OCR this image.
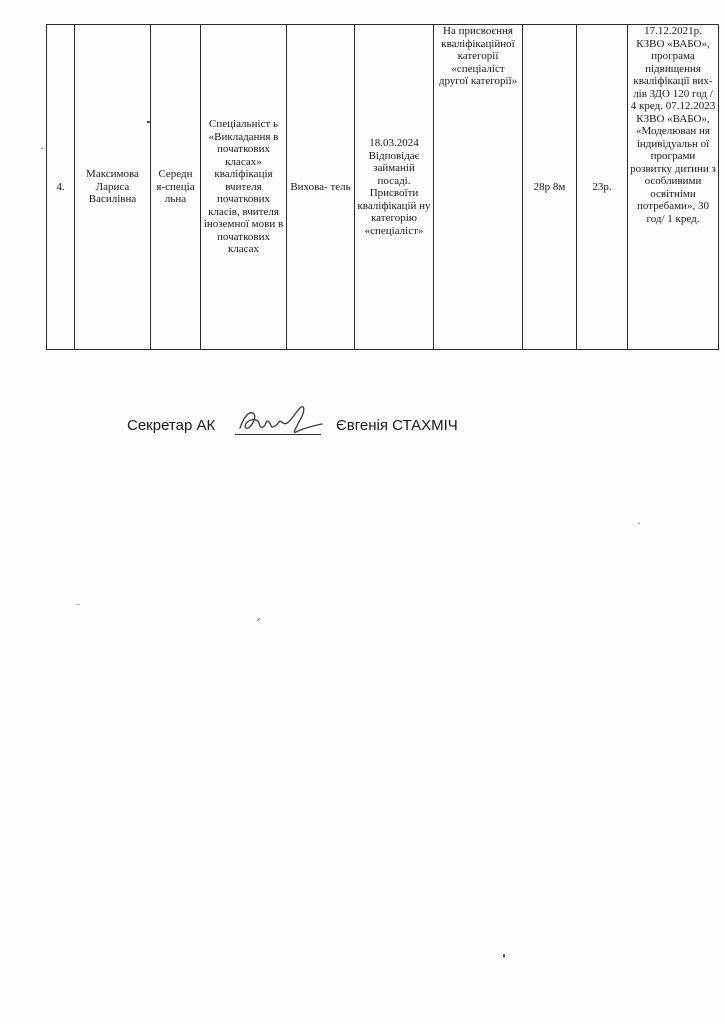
4.	Максимова Лариса Василівна	Середн я-спеціа льна	Спеціальніст ь «Викладання в початкових класах» кваліфікація вчителя початкових класів, вчителя іноземної мови в початкових класах	Вихова- тель	18.03.2024 Відповідає займаній посаді. Присвоїти кваліфікацій ну категорію «спеціаліст»	На присвоєння кваліфікаційної категорії «спеціаліст другої категорії»	28р 8м	23р.	17.12.2021р. КЗВО «ВАБО», програма підвищення кваліфікації вих-лів ЗДО 120 год / 4 кред. 07.12.2023 КЗВО «ВАБО», «Моделюван ня індивідуальн ої програми розвитку дитини з особливими освітніми потребами», 30 год/ 1 кред.
Секретар АК	Євгенія СТАХМІЧ
